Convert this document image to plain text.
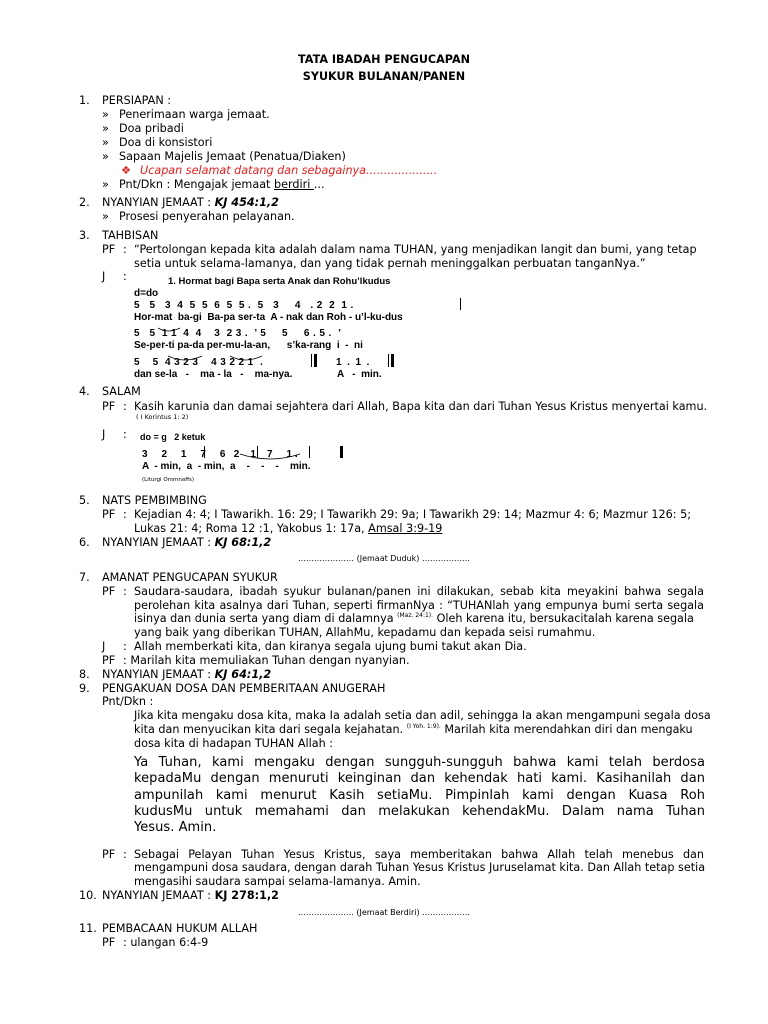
TATA IBADAH PENGUCAPAN
SYUKUR BULANAN/PANEN
1. PERSIAPAN :
» Penerimaan warga jemaat.
» Doa pribadi
» Doa di konsistori
» Sapaan Majelis Jemaat (Penatua/Diaken)
❖ Ucapan selamat datang dan sebagainya....................
» Pnt/Dkn : Mengajak jemaat berdiri ...
2. NYANYIAN JEMAAT : KJ 454:1,2
» Prosesi penyerahan pelayanan.
3. TAHBISAN
PF : “Pertolongan kepada kita adalah dalam nama TUHAN, yang menjadikan langit dan bumi, yang tetap
setia untuk selama-lamanya, dan yang tidak pernah meninggalkan perbuatan tanganNya.”
J :	1. Hormat bagi Bapa serta Anak dan Rohu’lkudus
d=do
5   5   3  4  5  5  6  5  5 .  5   3     4   . 2  2  1 .
Hor-mat  ba-gi  Ba-pa ser-ta  A - nak dan Roh - u’l-ku-dus
5   5  1 1  4  4    3  2 3 .  ’ 5     5     6 . 5 .  ’
Se-per-ti pa-da per-mu-la-an,      s’ka-rang  i  -  ni
5    5  4 3 2 3    4 3 2 2 1  .	1  .  1  .
dan se-la   -    ma - la   -    ma-nya.	A   -  min.
4. SALAM
PF : Kasih karunia dan damai sejahtera dari Allah, Bapa kita dan dari Tuhan Yesus Kristus menyertai kamu.
( I Korintus 1: 2)
J : do = g   2 ketuk
3     2     1     7     6   2    1    7     1 .
A  - min,  a  - min,  a    -    -    -    min.
(Liturgi Ommnaffs)
5. NATS PEMBIMBING
PF : Kejadian 4: 4; I Tawarikh. 16: 29; I Tawarikh 29: 9a; I Tawarikh 29: 14; Mazmur 4: 6; Mazmur 126: 5;
Lukas 21: 4; Roma 12 :1, Yakobus 1: 17a, Amsal 3:9-19
6. NYANYIAN JEMAAT : KJ 68:1,2
………………… (Jemaat Duduk) ………………
7. AMANAT PENGUCAPAN SYUKUR
PF : Saudara-saudara, ibadah syukur bulanan/panen ini dilakukan, sebab kita meyakini bahwa segala
perolehan kita asalnya dari Tuhan, seperti firmanNya : “TUHANlah yang empunya bumi serta segala
isinya dan dunia serta yang diam di dalamnya $^{(Maz. 24:1).}$ Oleh karena itu, bersukacitalah karena segala
yang baik yang diberikan TUHAN, AllahMu, kepadamu dan kepada seisi rumahmu.
J : Allah memberkati kita, dan kiranya segala ujung bumi takut akan Dia.
PF : Marilah kita memuliakan Tuhan dengan nyanyian.
8. NYANYIAN JEMAAT : KJ 64:1,2
9. PENGAKUAN DOSA DAN PEMBERITAAN ANUGERAH
Pnt/Dkn :
Jika kita mengaku dosa kita, maka Ia adalah setia dan adil, sehingga Ia akan mengampuni segala dosa
kita dan menyucikan kita dari segala kejahatan. $^{(I Yoh. 1:9).}$ Marilah kita merendahkan diri dan mengaku
dosa kita di hadapan TUHAN Allah :
Ya Tuhan, kami mengaku dengan sungguh-sungguh bahwa kami telah berdosa
kepadaMu dengan menuruti keinginan dan kehendak hati kami. Kasihanilah dan
ampunilah kami menurut Kasih setiaMu. Pimpinlah kami dengan Kuasa Roh
kudusMu untuk memahami dan melakukan kehendakMu. Dalam nama Tuhan
Yesus. Amin.
PF : Sebagai Pelayan Tuhan Yesus Kristus, saya memberitakan bahwa Allah telah menebus dan
mengampuni dosa saudara, dengan darah Tuhan Yesus Kristus Juruselamat kita. Dan Allah tetap setia
mengasihi saudara sampai selama-lamanya. Amin.
10. NYANYIAN JEMAAT : KJ 278:1,2
………………… (Jemaat Berdiri) ………………
11. PEMBACAAN HUKUM ALLAH
PF : ulangan 6:4-9
